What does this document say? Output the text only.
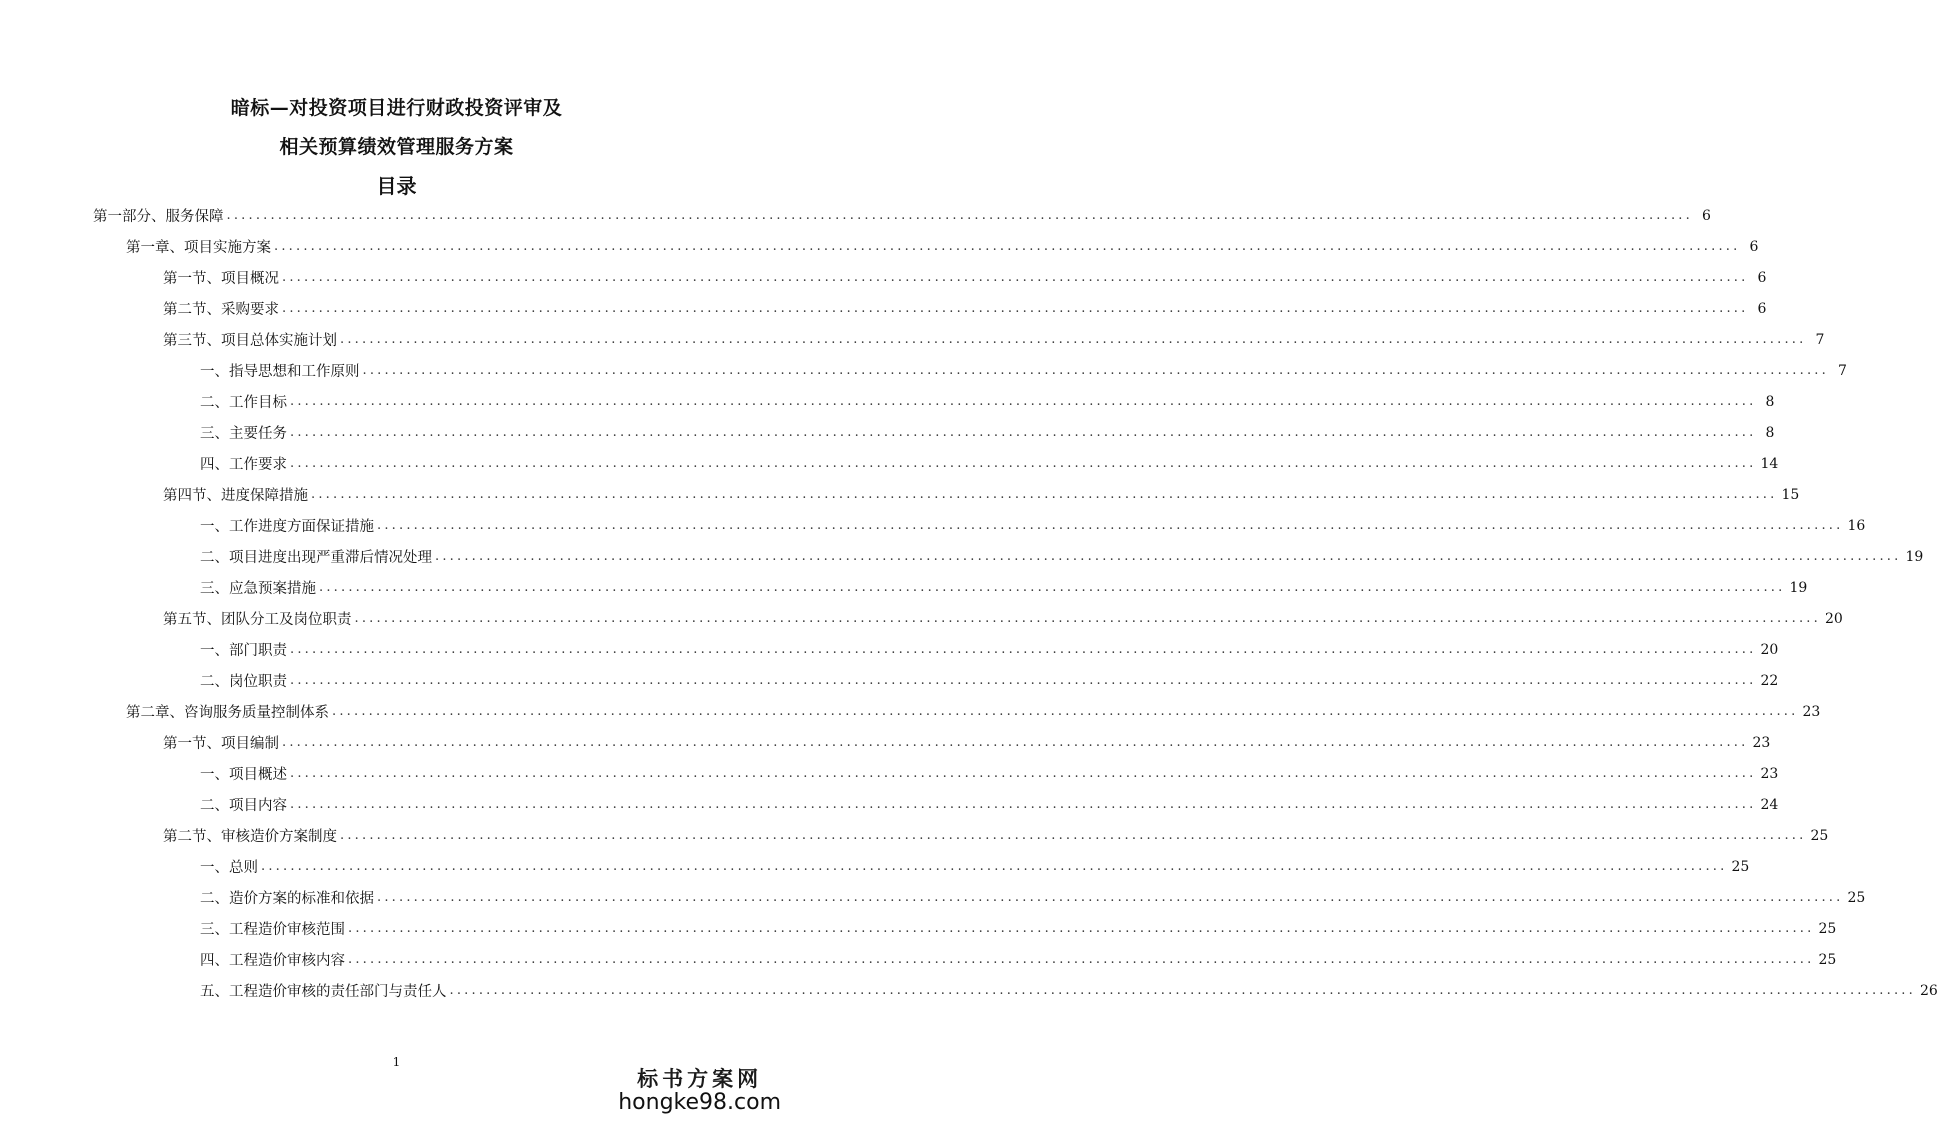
暗标—对投资项目进行财政投资评审及
相关预算绩效管理服务方案
目录
第一部分、服务保障 ........................................................................................................................................................................................................ 6
第一章、项目实施方案 ........................................................................................................................................................................................................ 6
第一节、项目概况 ........................................................................................................................................................................................................ 6
第二节、采购要求 ........................................................................................................................................................................................................ 6
第三节、项目总体实施计划 ........................................................................................................................................................................................................ 7
一、指导思想和工作原则 ........................................................................................................................................................................................................ 7
二、工作目标 ........................................................................................................................................................................................................ 8
三、主要任务 ........................................................................................................................................................................................................ 8
四、工作要求 ........................................................................................................................................................................................................ 14
第四节、进度保障措施 ........................................................................................................................................................................................................ 15
一、工作进度方面保证措施 ........................................................................................................................................................................................................ 16
二、项目进度出现严重滞后情况处理 ........................................................................................................................................................................................................ 19
三、应急预案措施 ........................................................................................................................................................................................................ 19
第五节、团队分工及岗位职责 ........................................................................................................................................................................................................ 20
一、部门职责 ........................................................................................................................................................................................................ 20
二、岗位职责 ........................................................................................................................................................................................................ 22
第二章、咨询服务质量控制体系 ........................................................................................................................................................................................................ 23
第一节、项目编制 ........................................................................................................................................................................................................ 23
一、项目概述 ........................................................................................................................................................................................................ 23
二、项目内容 ........................................................................................................................................................................................................ 24
第二节、审核造价方案制度 ........................................................................................................................................................................................................ 25
一、总则 ........................................................................................................................................................................................................ 25
二、造价方案的标准和依据 ........................................................................................................................................................................................................ 25
三、工程造价审核范围 ........................................................................................................................................................................................................ 25
四、工程造价审核内容 ........................................................................................................................................................................................................ 25
五、工程造价审核的责任部门与责任人 ........................................................................................................................................................................................................ 26
1
标书方案网
hongke98.com
